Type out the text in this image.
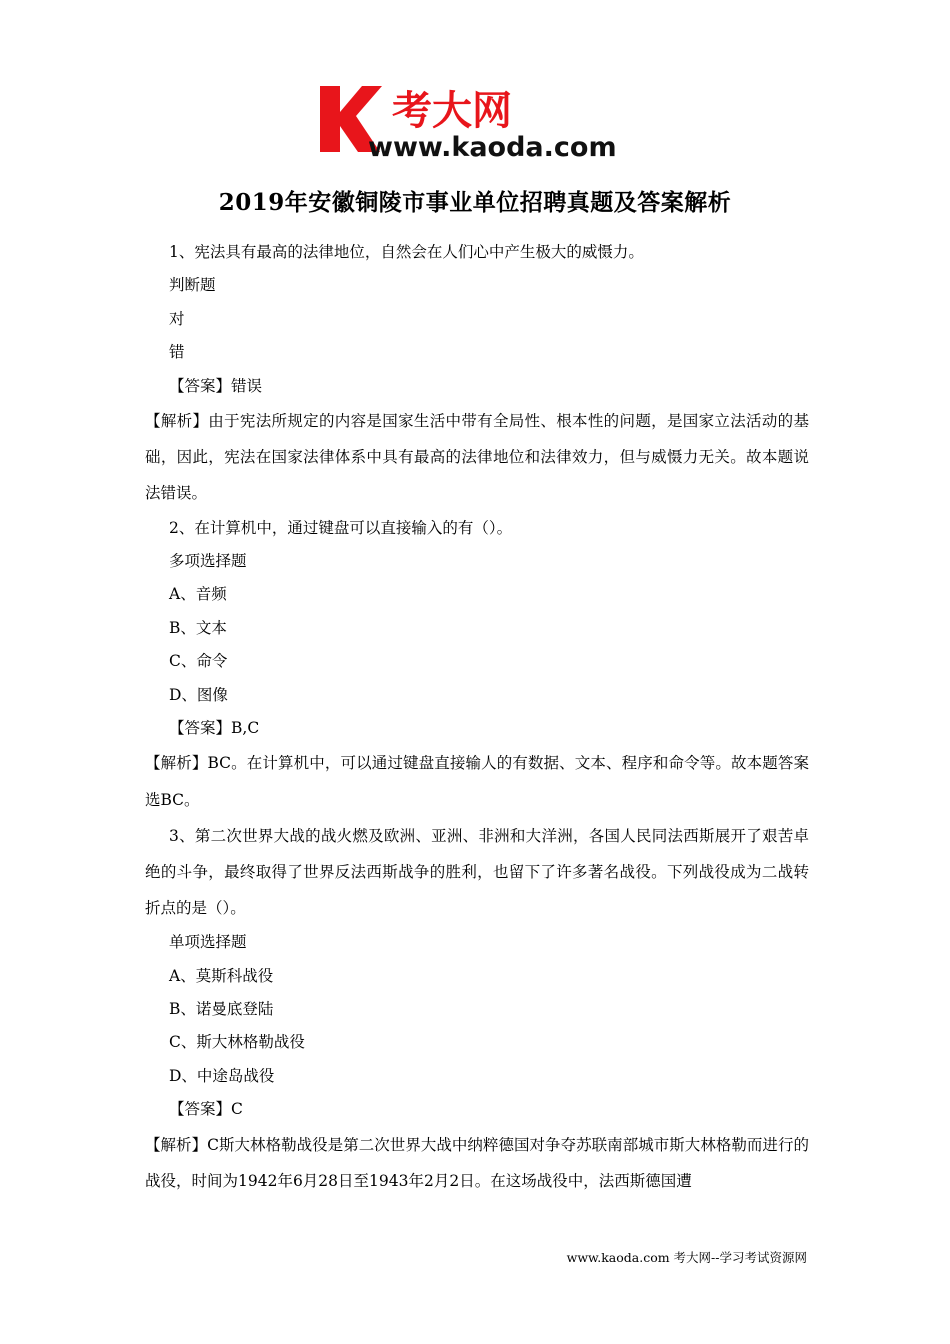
考大网
www.kaoda.com
2019年安徽铜陵市事业单位招聘真题及答案解析
1、宪法具有最高的法律地位，自然会在人们心中产生极大的威慑力。
判断题
对
错
【答案】错误

【解析】由于宪法所规定的内容是国家生活中带有全局性、根本性的问题，是国家立法活动的基础，因此，宪法在国家法律体系中具有最高的法律地位和法律效力，但与威慑力无关。故本题说法错误。

2、在计算机中，通过键盘可以直接输入的有（）。
多项选择题
A、音频
B、文本
C、命令
D、图像
【答案】B,C

【解析】BC。在计算机中，可以通过键盘直接输人的有数据、文本、程序和命令等。故本题答案选BC。

3、第二次世界大战的战火燃及欧洲、亚洲、非洲和大洋洲，各国人民同法西斯展开了艰苦卓绝的斗争，最终取得了世界反法西斯战争的胜利，也留下了许多著名战役。下列战役成为二战转折点的是（）。

单项选择题
A、莫斯科战役
B、诺曼底登陆
C、斯大林格勒战役
D、中途岛战役
【答案】C

【解析】C斯大林格勒战役是第二次世界大战中纳粹德国对争夺苏联南部城市斯大林格勒而进行的战役，时间为1942年6月28日至1943年2月2日。在这场战役中，法西斯德国遭

www.kaoda.com 考大网--学习考试资源网
